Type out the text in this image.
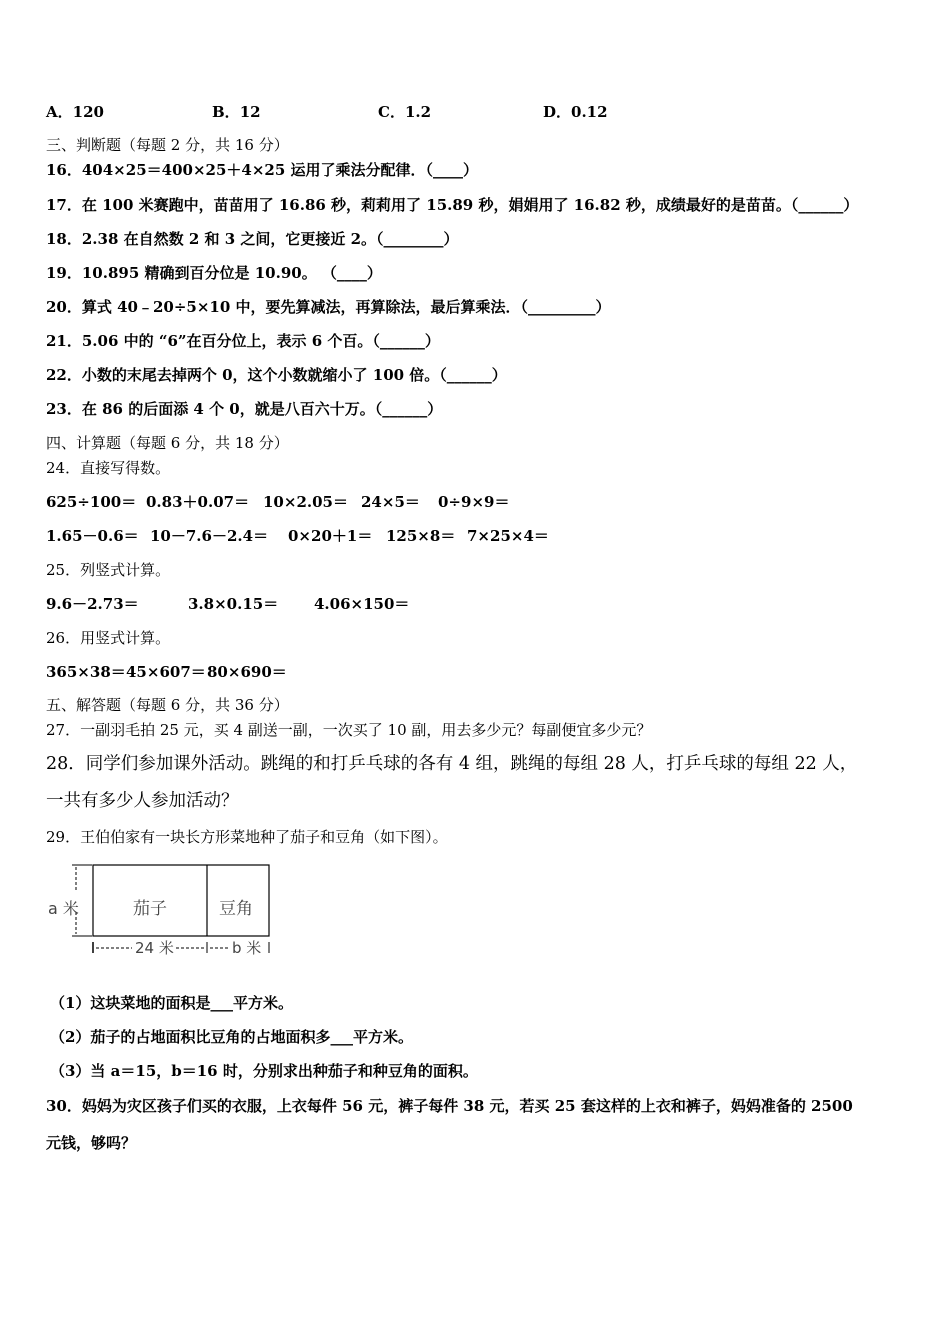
A．120	B．12	C．1.2	D．0.12
三、判断题（每题 2 分，共 16 分）
16．404×25＝400×25＋4×25 运用了乘法分配律．（____）
17．在 100 米赛跑中，苗苗用了 16.86 秒，莉莉用了 15.89 秒，娟娟用了 16.82 秒，成绩最好的是苗苗。（______）
18．2.38 在自然数 2 和 3 之间，它更接近 2。（________）
19．10.895 精确到百分位是 10.90。 （____）
20．算式 40﹣20÷5×10 中，要先算减法，再算除法，最后算乘法．（_________）
21．5.06 中的 “6”在百分位上，表示 6 个百。（______）
22．小数的末尾去掉两个 0，这个小数就缩小了 100 倍。（______）
23．在 86 的后面添 4 个 0，就是八百六十万。（______）
四、计算题（每题 6 分，共 18 分）
24．直接写得数。
625÷100＝ 0.83＋0.07＝ 10×2.05＝ 24×5＝ 0÷9×9＝
1.65－0.6＝ 10－7.6－2.4＝ 0×20＋1＝ 125×8＝ 7×25×4＝
25．列竖式计算。
9.6－2.73＝	3.8×0.15＝ 4.06×150＝
26．用竖式计算。
365×38＝ 45×607＝ 80×690＝
五、解答题（每题 6 分，共 36 分）
27．一副羽毛拍 25 元，买 4 副送一副，一次买了 10 副，用去多少元？每副便宜多少元？
28．同学们参加课外活动。跳绳的和打乒乓球的各有 4 组，跳绳的每组 28 人，打乒乓球的每组 22 人，
一共有多少人参加活动？
29．王伯伯家有一块长方形菜地种了茄子和豆角（如下图）。
a 米	茄子	豆角
24 米	b 米
（1）这块菜地的面积是___平方米。
（2）茄子的占地面积比豆角的占地面积多___平方米。
（3）当 a＝15，b＝16 时，分别求出种茄子和种豆角的面积。
30．妈妈为灾区孩子们买的衣服，上衣每件 56 元，裤子每件 38 元，若买 25 套这样的上衣和裤子，妈妈准备的 2500
元钱，够吗？
